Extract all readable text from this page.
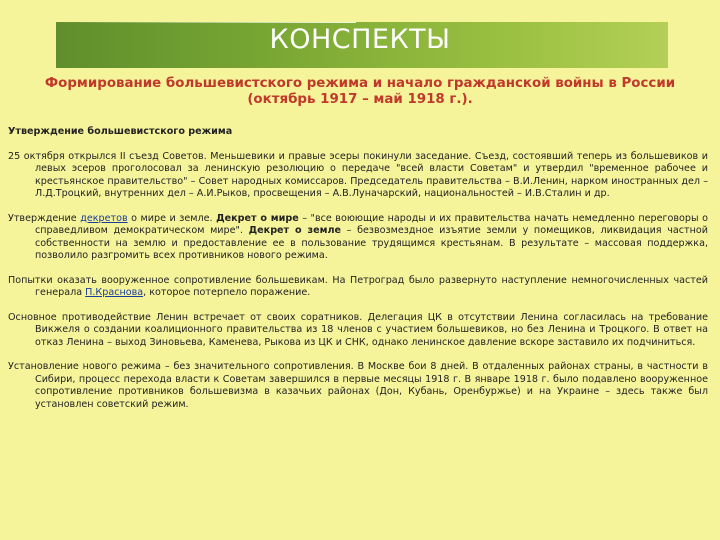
КОНСПЕКТЫ
Формирование большевистского режима и начало гражданской войны в России
(октябрь 1917 – май 1918 г.).

Утверждение большевистского режима

25 октября открылся II съезд Советов. Меньшевики и правые эсеры покинули заседание. Съезд, состоявший теперь из большевиков и левых эсеров проголосовал за ленинскую резолюцию о передаче "всей власти Советам" и утвердил "временное рабочее и крестьянское правительство" – Совет народных комиссаров. Председатель правительства – В.И.Ленин, нарком иностранных дел – Л.Д.Троцкий, внутренних дел – А.И.Рыков, просвещения – А.В.Луначарский, национальностей – И.В.Сталин и др.

Утверждение декретов о мире и земле. Декрет о мире – "все воюющие народы и их правительства начать немедленно переговоры о справедливом демократическом мире". Декрет о земле – безвозмездное изъятие земли у помещиков, ликвидация частной собственности на землю и предоставление ее в пользование трудящимся крестьянам. В результате – массовая поддержка, позволило разгромить всех противников нового режима.

Попытки оказать вооруженное сопротивление большевикам. На Петроград было развернуто наступление немногочисленных частей генерала П.Краснова, которое потерпело поражение.

Основное противодействие Ленин встречает от своих соратников. Делегация ЦК в отсутствии Ленина согласилась на требование Викжеля о создании коалиционного правительства из 18 членов с участием большевиков, но без Ленина и Троцкого. В ответ на отказ Ленина – выход Зиновьева, Каменева, Рыкова из ЦК и СНК, однако ленинское давление вскоре заставило их подчиниться.

Установление нового режима – без значительного сопротивления. В Москве бои 8 дней. В отдаленных районах страны, в частности в Сибири, процесс перехода власти к Советам завершился в первые месяцы 1918 г. В январе 1918 г. было подавлено вооруженное сопротивление противников большевизма в казачьих районах (Дон, Кубань, Оренбуржье) и на Украине – здесь также был установлен советский режим.
